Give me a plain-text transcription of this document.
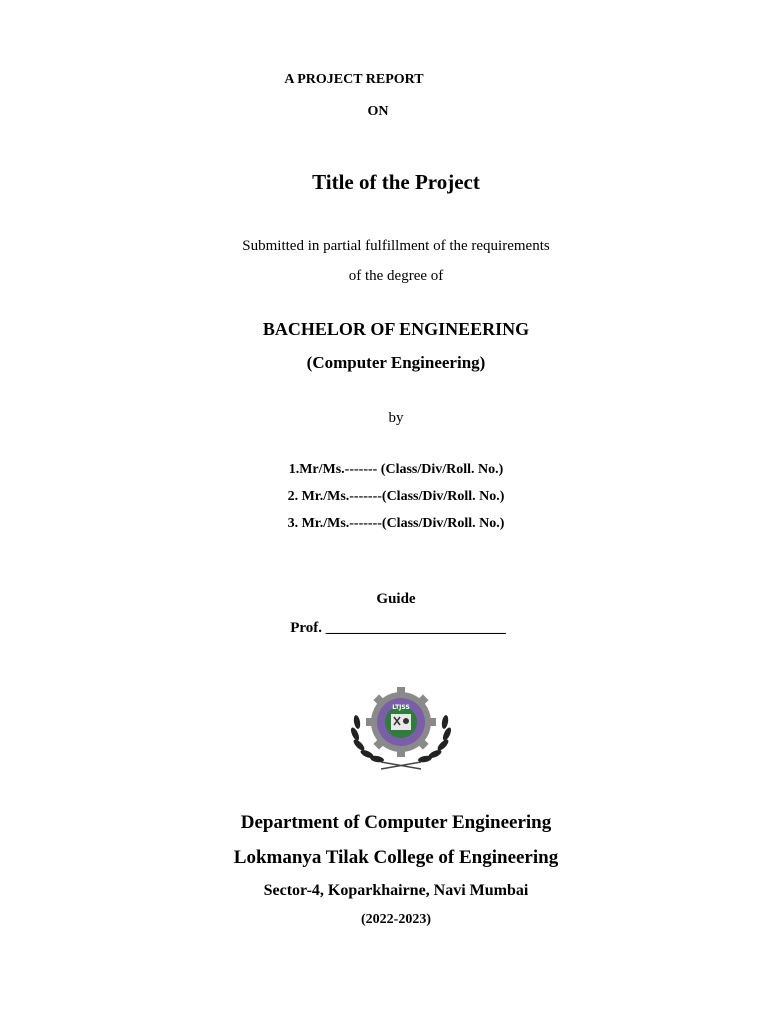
A PROJECT REPORT
ON
Title of the Project
Submitted in partial fulfillment of the requirements
of the degree of
BACHELOR OF ENGINEERING
(Computer Engineering)
by
1.Mr/Ms.------- (Class/Div/Roll. No.)
2. Mr./Ms.-------(Class/Div/Roll. No.)
3. Mr./Ms.-------(Class/Div/Roll. No.)
Guide
Prof. ________________________
LTJSS
Department of Computer Engineering
Lokmanya Tilak College of Engineering
Sector-4, Koparkhairne, Navi Mumbai
(2022-2023)
